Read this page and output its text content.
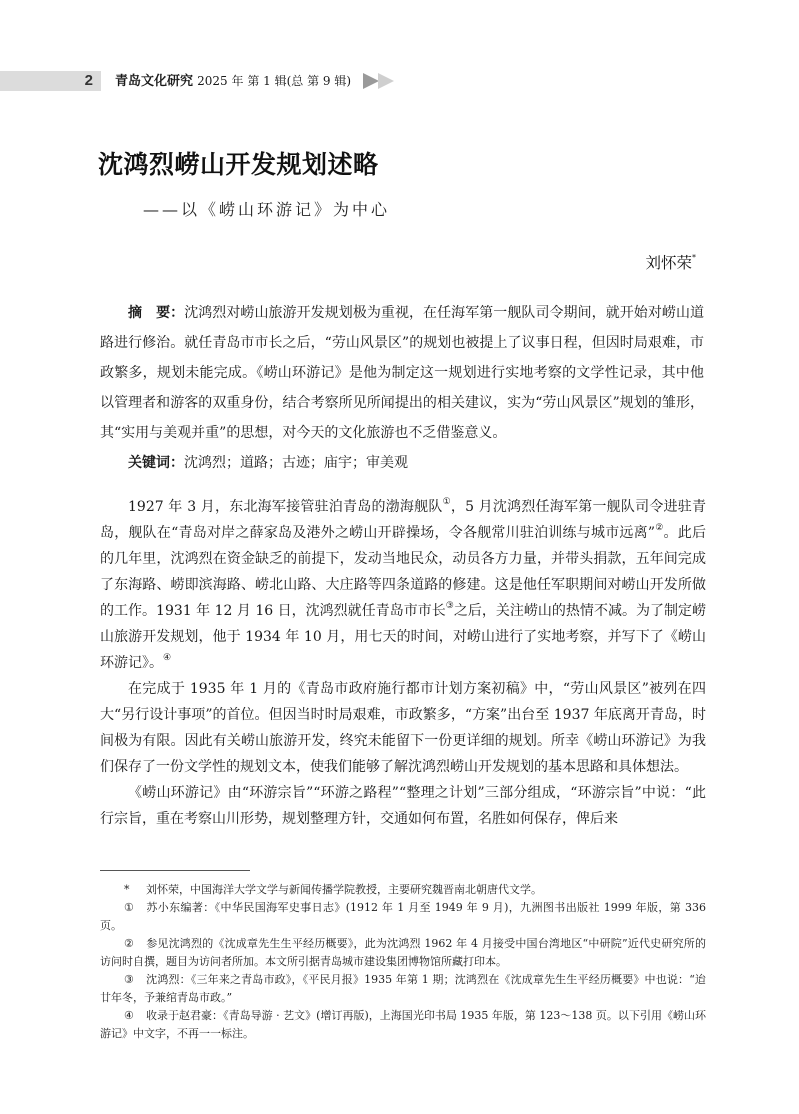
2 青岛文化研究 2025 年 第 1 辑(总 第 9 辑)
沈鸿烈崂山开发规划述略
——以《崂山环游记》为中心
刘怀荣*

摘　要：沈鸿烈对崂山旅游开发规划极为重视，在任海军第一舰队司令期间，就开始对崂山道路进行修治。就任青岛市市长之后，“劳山风景区”的规划也被提上了议事日程，但因时局艰难，市政繁多，规划未能完成。《崂山环游记》是他为制定这一规划进行实地考察的文学性记录，其中他以管理者和游客的双重身份，结合考察所见所闻提出的相关建议，实为“劳山风景区”规划的雏形，其“实用与美观并重”的思想，对今天的文化旅游也不乏借鉴意义。

关键词：沈鸿烈；道路；古迹；庙宇；审美观

1927 年 3 月，东北海军接管驻泊青岛的渤海舰队①，5 月沈鸿烈任海军第一舰队司令进驻青岛，舰队在“青岛对岸之薛家岛及港外之崂山开辟操场，令各舰常川驻泊训练与城市远离”②。此后的几年里，沈鸿烈在资金缺乏的前提下，发动当地民众，动员各方力量，并带头捐款，五年间完成了东海路、崂即滨海路、崂北山路、大庄路等四条道路的修建。这是他任军职期间对崂山开发所做的工作。1931 年 12 月 16 日，沈鸿烈就任青岛市市长③之后，关注崂山的热情不减。为了制定崂山旅游开发规划，他于 1934 年 10 月，用七天的时间，对崂山进行了实地考察，并写下了《崂山环游记》。④

在完成于 1935 年 1 月的《青岛市政府施行都市计划方案初稿》中，“劳山风景区”被列在四大“另行设计事项”的首位。但因当时时局艰难，市政繁多，“方案”出台至 1937 年底离开青岛，时间极为有限。因此有关崂山旅游开发，终究未能留下一份更详细的规划。所幸《崂山环游记》为我们保存了一份文学性的规划文本，使我们能够了解沈鸿烈崂山开发规划的基本思路和具体想法。

《崂山环游记》由“环游宗旨”“环游之路程”“整理之计划”三部分组成，“环游宗旨”中说：“此行宗旨，重在考察山川形势，规划整理方针，交通如何布置，名胜如何保存，俾后来

* 刘怀荣，中国海洋大学文学与新闻传播学院教授，主要研究魏晋南北朝唐代文学。

① 苏小东编著：《中华民国海军史事日志》(1912 年 1 月至 1949 年 9 月)，九洲图书出版社 1999 年版，第 336 页。

② 参见沈鸿烈的《沈成章先生生平经历概要》，此为沈鸿烈 1962 年 4 月接受中国台湾地区“中研院”近代史研究所的访问时自撰，题目为访问者所加。本文所引据青岛城市建设集团博物馆所藏打印本。

③ 沈鸿烈：《三年来之青岛市政》，《平民月报》1935 年第 1 期；沈鸿烈在《沈成章先生生平经历概要》中也说：“迨廿年冬，予兼绾青岛市政。”

④ 收录于赵君豪：《青岛导游 · 艺文》(增订再版)，上海国光印书局 1935 年版，第 123～138 页。以下引用《崂山环游记》中文字，不再一一标注。
